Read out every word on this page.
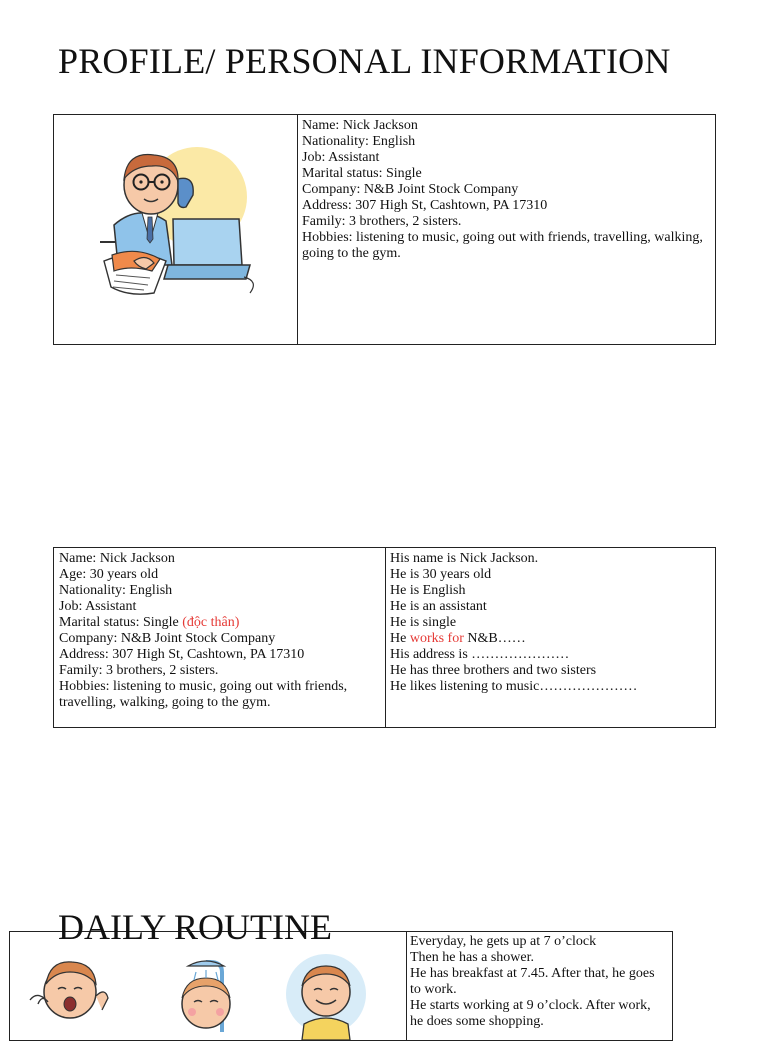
PROFILE/ PERSONAL INFORMATION
Name: Nick Jackson
Nationality: English
Job: Assistant
Marital status: Single
Company: N&B Joint Stock Company
Address: 307 High St, Cashtown, PA 17310
Family: 3 brothers, 2 sisters.
Hobbies: listening to music, going out with friends, travelling, walking, going to the gym.
Name: Nick Jackson
Age: 30 years old
Nationality: English
Job: Assistant
Marital status: Single (độc thân)
Company: N&B Joint Stock Company
Address: 307 High St, Cashtown, PA 17310
Family: 3 brothers, 2 sisters.
Hobbies: listening to music, going out with friends, travelling, walking, going to the gym.
His name is Nick Jackson.
He is 30 years old
He is English
He is an assistant
He is single
He works for N&B……
His address is …………………
He has three brothers and two sisters
He likes listening to music…………………
DAILY ROUTINE	Everyday, he gets up at 7 o’clock
Then he has a shower.
He has breakfast at 7.45. After that, he goes to work.
He starts working at 9 o’clock. After work, he does some shopping.
